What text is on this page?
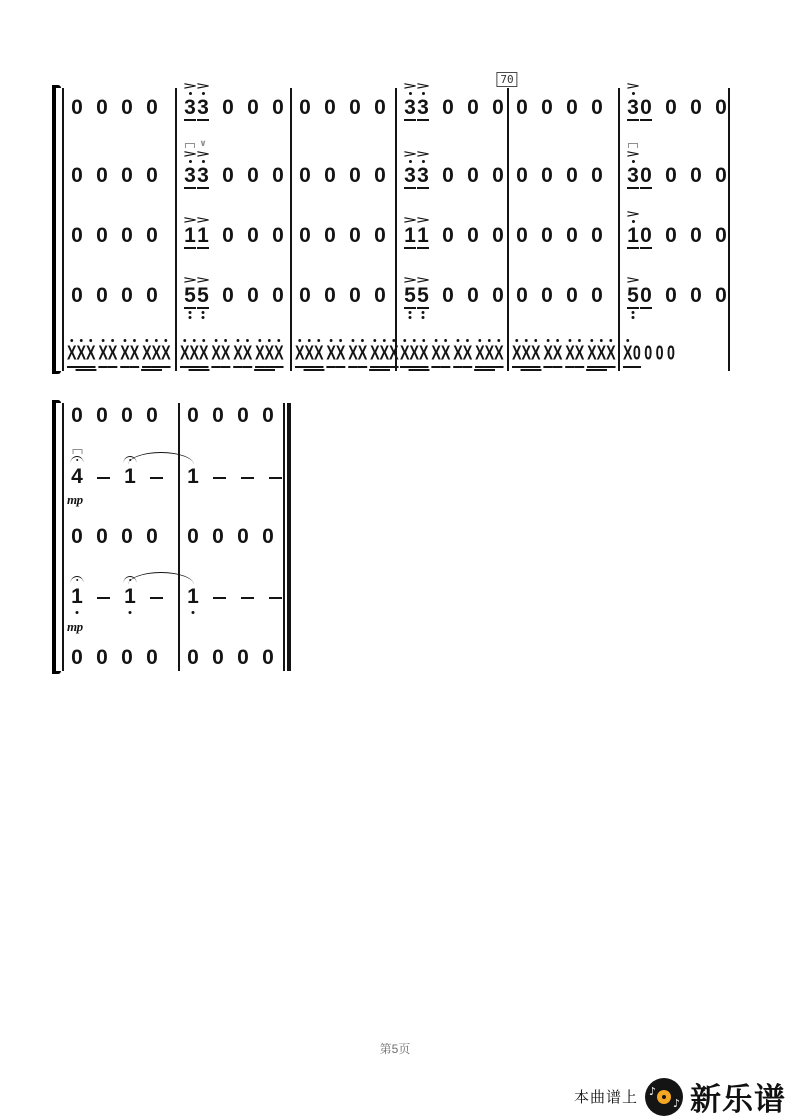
70
0 0 0 0 3
>
3
>
0 0 0 0 0 0 0 3
>
3
>
0 0 0 0 0 0 0 3
>
0 0 0 0
0 0 0 0 3
>
3
∨
>
0 0 0 0 0 0 0 3
>
3
>
0 0 0 0 0 0 0 3
>
0 0 0 0
0 0 0 0 1
>
1
>
0 0 0 0 0 0 0 1
>
1
>
0 0 0 0 0 0 0 1
>
0 0 0 0
0 0 0 0 5
>
5
>
0 0 0 0 0 0 0 5
>
5
>
0 0 0 0 0 0 0 5
>
0 0 0 0
X X X X X X X X X X X X X X X X X X X X X X X X X X X X X X X X X X X X X X X X X X X X X X X X X X X 0 0 0 0
0 0 0 0 0 0 0 0
4
mp
1 1
0 0 0 0 0 0 0 0
1
mp
1 1
0 0 0 0 0 0 0 0
第5页
本曲谱上 ♪
♪ 新乐谱
